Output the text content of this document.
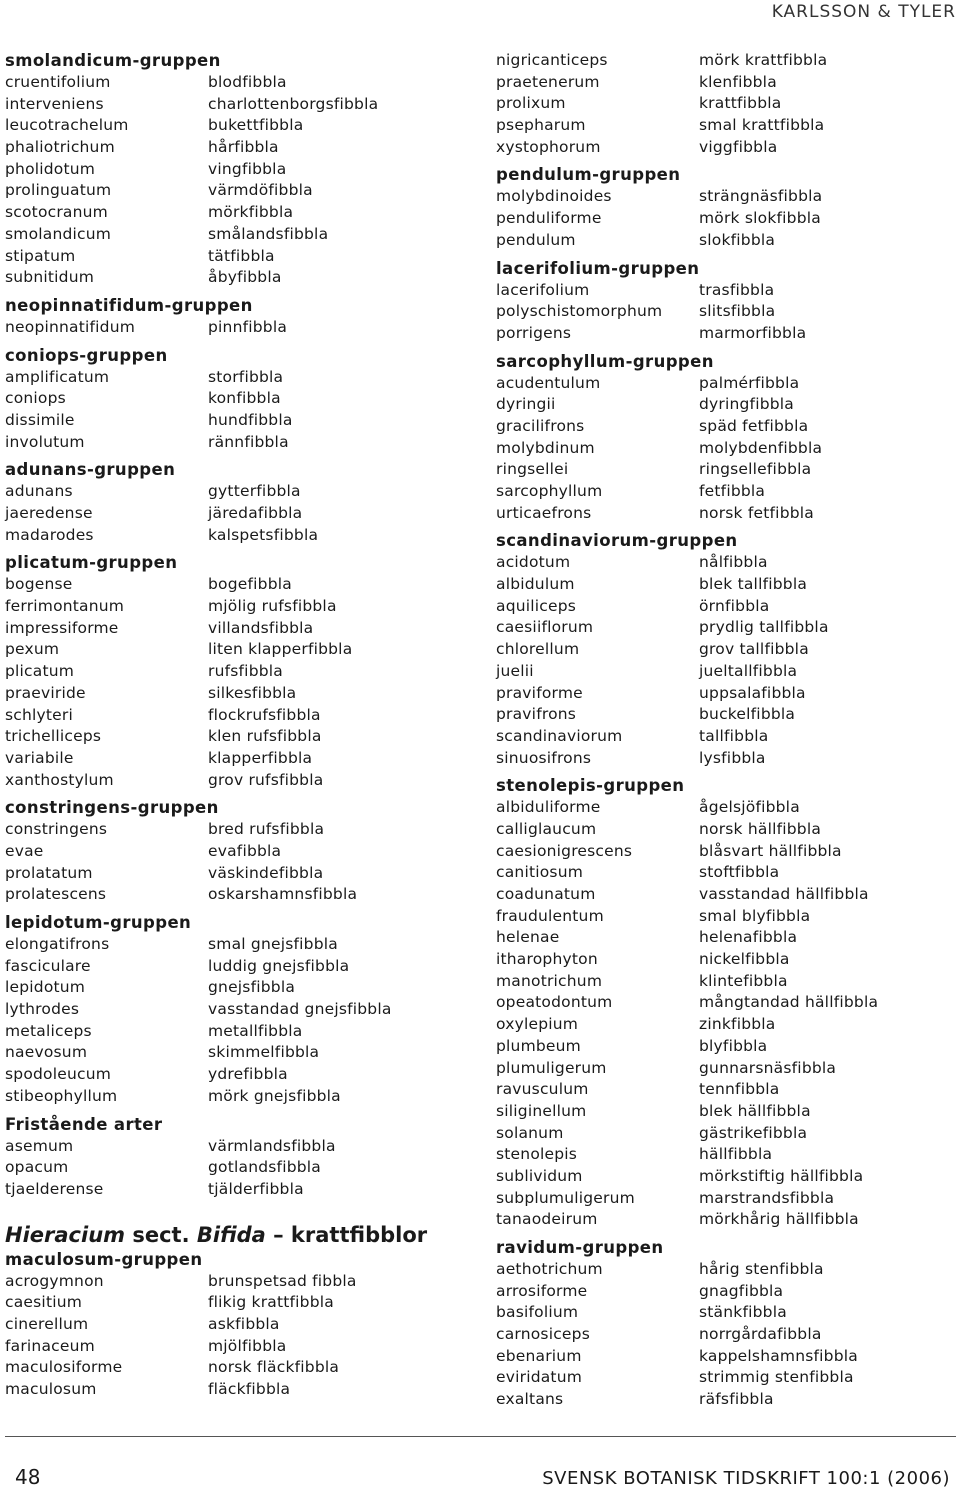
KARLSSON & TYLER
smolandicum-gruppen
cruentifolium	blodfibbla
interveniens	charlottenborgsfibbla
leucotrachelum	bukettfibbla
phaliotrichum	hårfibbla
pholidotum	vingfibbla
prolinguatum	värmdöfibbla
scotocranum	mörkfibbla
smolandicum	smålandsfibbla
stipatum	tätfibbla
subnitidum	åbyfibbla
neopinnatifidum-gruppen
neopinnatifidum	pinnfibbla
coniops-gruppen
amplificatum	storfibbla
coniops	konfibbla
dissimile	hundfibbla
involutum	rännfibbla
adunans-gruppen
adunans	gytterfibbla
jaeredense	järedafibbla
madarodes	kalspetsfibbla
plicatum-gruppen
bogense	bogefibbla
ferrimontanum	mjölig rufsfibbla
impressiforme	villandsfibbla
pexum	liten klapperfibbla
plicatum	rufsfibbla
praeviride	silkesfibbla
schlyteri	flockrufsfibbla
trichelliceps	klen rufsfibbla
variabile	klapperfibbla
xanthostylum	grov rufsfibbla
constringens-gruppen
constringens	bred rufsfibbla
evae	evafibbla
prolatatum	väskindefibbla
prolatescens	oskarshamnsfibbla
lepidotum-gruppen
elongatifrons	smal gnejsfibbla
fasciculare	luddig gnejsfibbla
lepidotum	gnejsfibbla
lythrodes	vasstandad gnejsfibbla
metaliceps	metallfibbla
naevosum	skimmelfibbla
spodoleucum	ydrefibbla
stibeophyllum	mörk gnejsfibbla
Fristående arter
asemum	värmlandsfibbla
opacum	gotlandsfibbla
tjaelderense	tjälderfibbla
Hieracium sect. Bifida – krattfibblor
maculosum-gruppen
acrogymnon	brunspetsad fibbla
caesitium	flikig krattfibbla
cinerellum	askfibbla
farinaceum	mjölfibbla
maculosiforme	norsk fläckfibbla
maculosum	fläckfibbla
nigricanticeps	mörk krattfibbla
praetenerum	klenfibbla
prolixum	krattfibbla
psepharum	smal krattfibbla
xystophorum	viggfibbla
pendulum-gruppen
molybdinoides	strängnäsfibbla
penduliforme	mörk slokfibbla
pendulum	slokfibbla
lacerifolium-gruppen
lacerifolium	trasfibbla
polyschistomorphum slitsfibbla
porrigens	marmorfibbla
sarcophyllum-gruppen
acudentulum	palmérfibbla
dyringii	dyringfibbla
gracilifrons	späd fetfibbla
molybdinum	molybdenfibbla
ringsellei	ringsellefibbla
sarcophyllum	fetfibbla
urticaefrons	norsk fetfibbla
scandinaviorum-gruppen
acidotum	nålfibbla
albidulum	blek tallfibbla
aquiliceps	örnfibbla
caesiiflorum	prydlig tallfibbla
chlorellum	grov tallfibbla
juelii	jueltallfibbla
praviforme	uppsalafibbla
pravifrons	buckelfibbla
scandinaviorum	tallfibbla
sinuosifrons	lysfibbla
stenolepis-gruppen
albiduliforme	ågelsjöfibbla
calliglaucum	norsk hällfibbla
caesionigrescens	blåsvart hällfibbla
canitiosum	stoftfibbla
coadunatum	vasstandad hällfibbla
fraudulentum	smal blyfibbla
helenae	helenafibbla
itharophyton	nickelfibbla
manotrichum	klintefibbla
opeatodontum	mångtandad hällfibbla
oxylepium	zinkfibbla
plumbeum	blyfibbla
plumuligerum	gunnarsnäsfibbla
ravusculum	tennfibbla
siliginellum	blek hällfibbla
solanum	gästrikefibbla
stenolepis	hällfibbla
sublividum	mörkstiftig hällfibbla
subplumuligerum	marstrandsfibbla
tanaodeirum	mörkhårig hällfibbla
ravidum-gruppen
aethotrichum	hårig stenfibbla
arrosiforme	gnagfibbla
basifolium	stänkfibbla
carnosiceps	norrgårdafibbla
ebenarium	kappelshamnsfibbla
eviridatum	strimmig stenfibbla
exaltans	räfsfibbla
48	SVENSK BOTANISK TIDSKRIFT 100:1 (2006)
